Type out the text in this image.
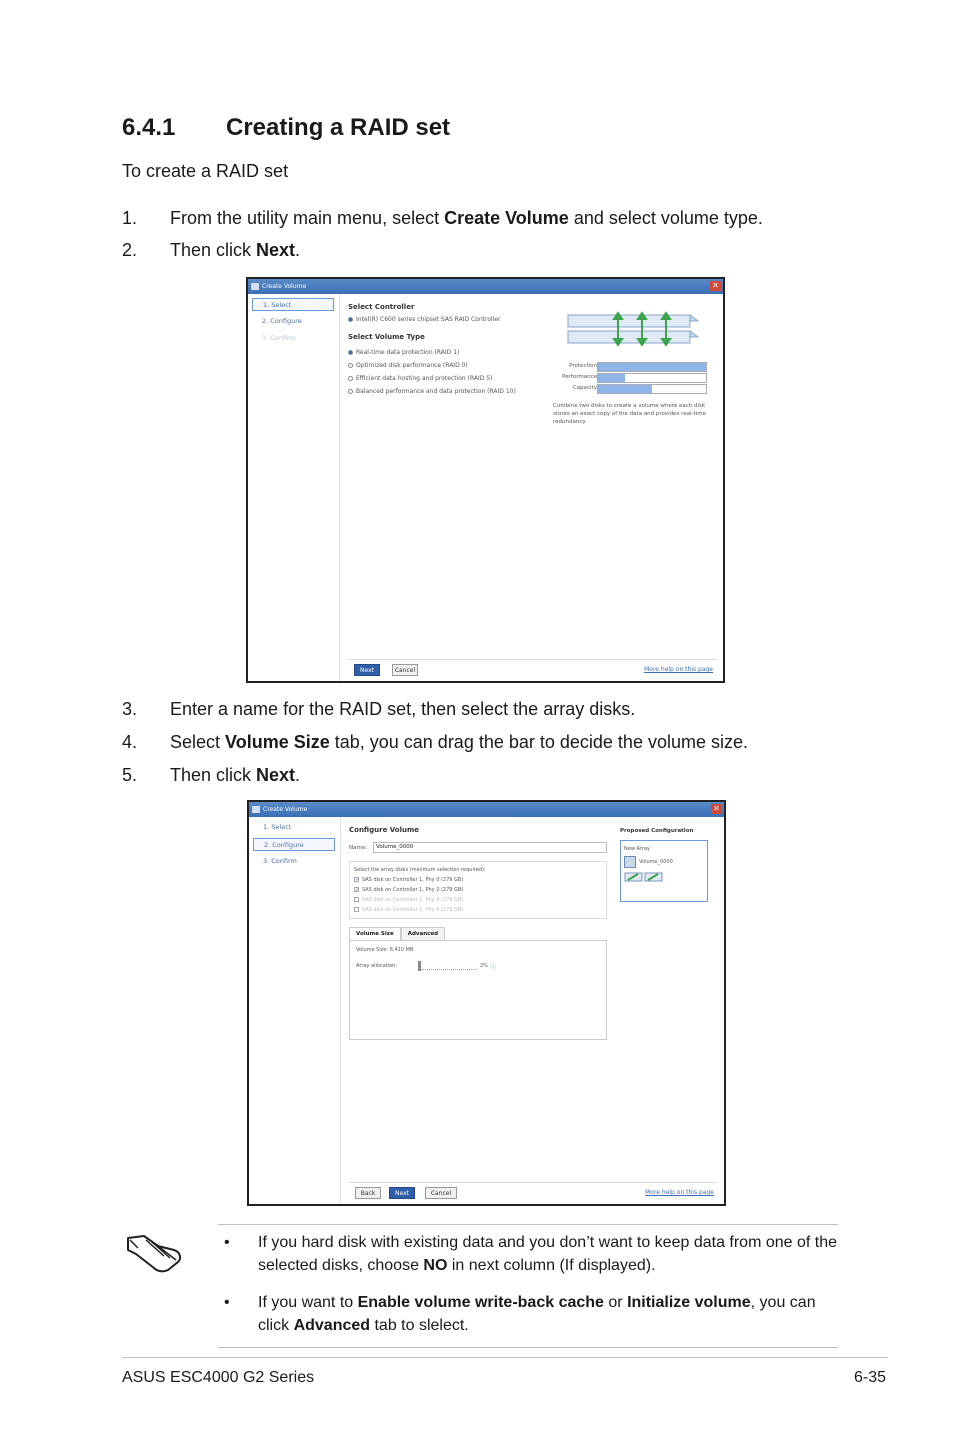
6.4.1 Creating a RAID set
To create a RAID set
1. From the utility main menu, select Create Volume and select volume type.
2. Then click Next.
Create Volume	✕
1. Select
2. Configure
3. Confirm
Select Controller
Intel(R) C600 series chipset SAS RAID Controller
Select Volume Type
Real-time data protection (RAID 1)
Optimized disk performance (RAID 0)
Efficient data hosting and protection (RAID 5)
Balanced performance and data protection (RAID 10)
Protection
Performance
Capacity
Combine two disks to create a volume where each disk stores an exact copy of the data and provides real-time redundancy.
Next	Cancel	More help on this page
3. Enter a name for the RAID set, then select the array disks.
4. Select Volume Size tab, you can drag the bar to decide the volume size.
5. Then click Next.
Create Volume	✕
1. Select
2. Configure
3. Confirm
Configure Volume
Name:	Volume_0000
Select the array disks (minimum selection required):
✓ SAS disk on Controller 1, Phy 0 (279 GB)
✓ SAS disk on Controller 1, Phy 2 (279 GB)
SAS disk on Controller 1, Phy 4 (279 GB)
SAS disk on Controller 1, Phy 6 (279 GB)
Volume Size	Advanced
Volume Size: 6,410 MB
Array allocation:	2% ⓘ
Proposed Configuration
New Array
Volume_0000
Back	Next	Cancel	More help on this page
• If you hard disk with existing data and you don’t want to keep data from one of the selected disks, choose NO in next column (If displayed).
• If you want to Enable volume write-back cache or Initialize volume, you can click Advanced tab to slelect.
ASUS ESC4000 G2 Series	6-35
